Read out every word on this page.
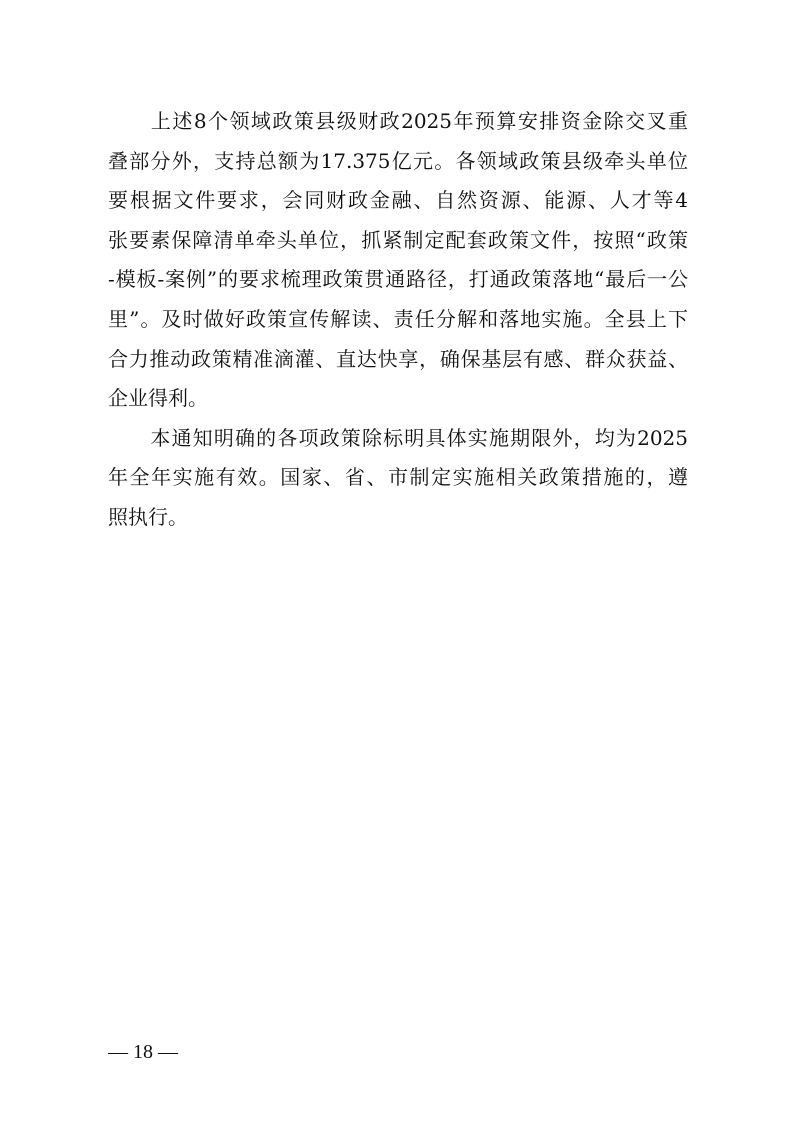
　　上述8个领域政策县级财政2025年预算安排资金除交叉重
叠部分外，支持总额为17.375亿元。各领域政策县级牵头单位
要根据文件要求，会同财政金融、自然资源、能源、人才等4
张要素保障清单牵头单位，抓紧制定配套政策文件，按照“政策
-模板-案例”的要求梳理政策贯通路径，打通政策落地“最后一公
里”。及时做好政策宣传解读、责任分解和落地实施。全县上下
合力推动政策精准滴灌、直达快享，确保基层有感、群众获益、
企业得利。
　　本通知明确的各项政策除标明具体实施期限外，均为2025
年全年实施有效。国家、省、市制定实施相关政策措施的，遵
照执行。
— 18 —
